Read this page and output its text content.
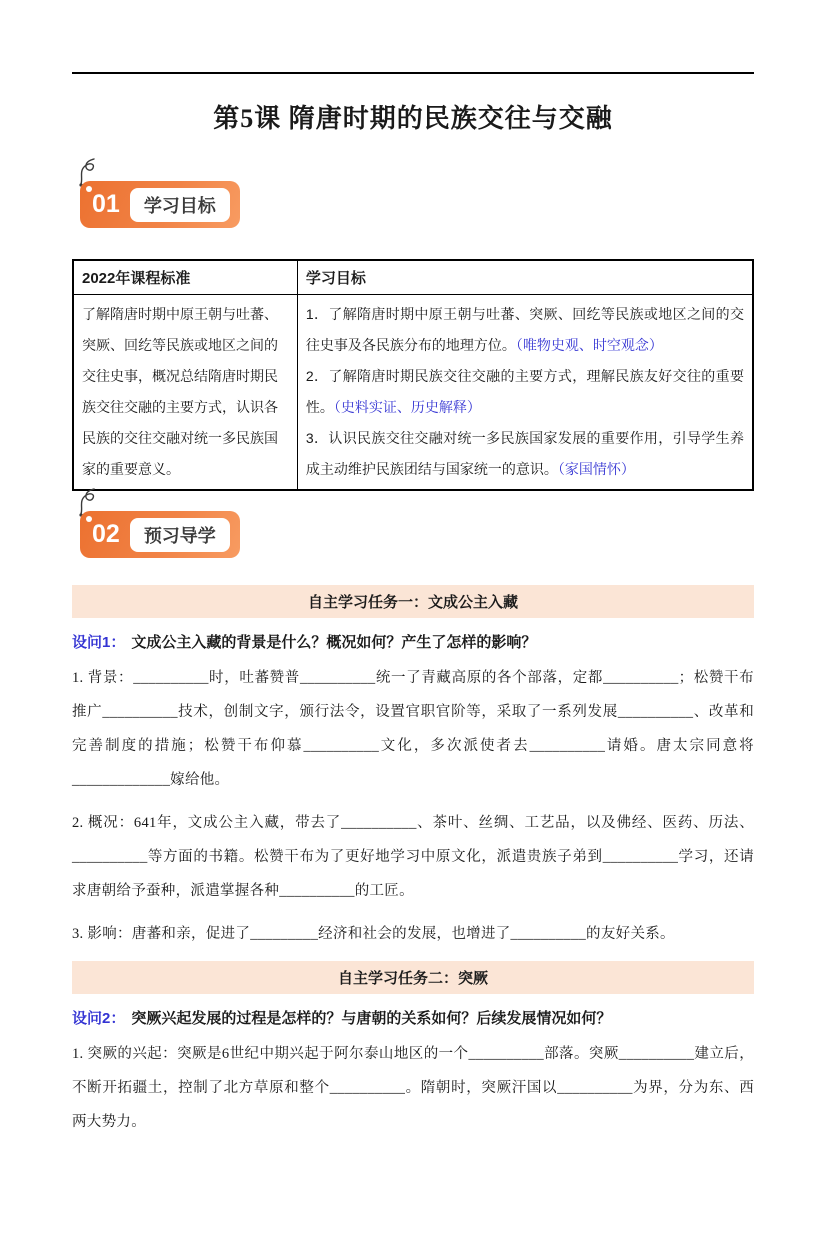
第5课 隋唐时期的民族交往与交融
01	学习目标
2022年课程标准	学习目标
了解隋唐时期中原王朝与吐蕃、突厥、回纥等民族或地区之间的交往史事，概况总结隋唐时期民族交往交融的主要方式，认识各民族的交往交融对统一多民族国家的重要意义。	1．了解隋唐时期中原王朝与吐蕃、突厥、回纥等民族或地区之间的交往史事及各民族分布的地理方位。（唯物史观、时空观念）
2．了解隋唐时期民族交往交融的主要方式，理解民族友好交往的重要性。（史料实证、历史解释）
3．认识民族交往交融对统一多民族国家发展的重要作用，引导学生养成主动维护民族团结与国家统一的意识。（家国情怀）
02	预习导学
自主学习任务一：文成公主入藏
设问1： 文成公主入藏的背景是什么？概况如何？产生了怎样的影响？

1. 背景：__________时，吐蕃赞普__________统一了青藏高原的各个部落，定都__________；松赞干布推广__________技术，创制文字，颁行法令，设置官职官阶等，采取了一系列发展__________、改革和完善制度的措施；松赞干布仰慕__________文化，多次派使者去__________请婚。唐太宗同意将_____________嫁给他。

2. 概况：641年，文成公主入藏，带去了__________、茶叶、丝绸、工艺品，以及佛经、医药、历法、__________等方面的书籍。松赞干布为了更好地学习中原文化，派遣贵族子弟到__________学习，还请求唐朝给予蚕种，派遣掌握各种__________的工匠。

3. 影响：唐蕃和亲，促进了_________经济和社会的发展，也增进了__________的友好关系。

自主学习任务二：突厥
设问2： 突厥兴起发展的过程是怎样的？与唐朝的关系如何？后续发展情况如何？

1. 突厥的兴起：突厥是6世纪中期兴起于阿尔泰山地区的一个__________部落。突厥__________建立后，不断开拓疆土，控制了北方草原和整个__________。隋朝时，突厥汗国以__________为界，分为东、西两大势力。
